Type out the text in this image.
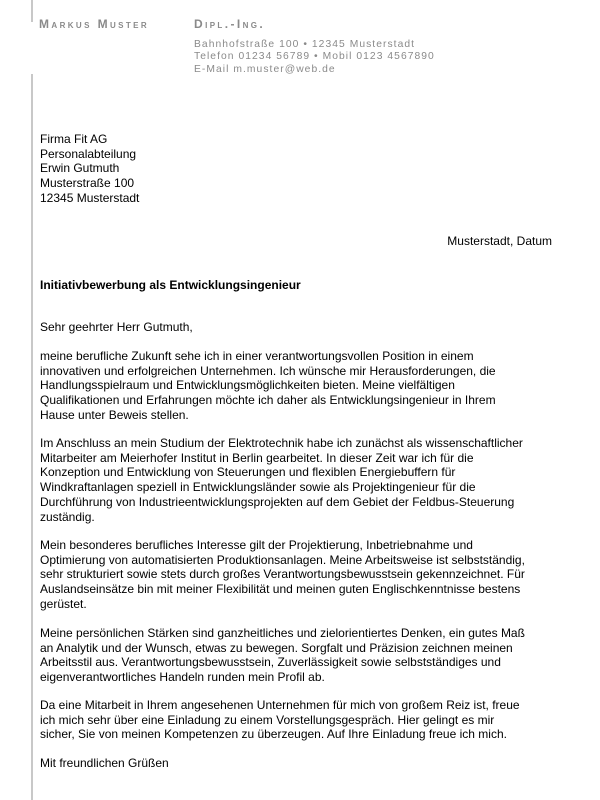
Markus Muster	Dipl.-Ing.
Bahnhofstraße 100 • 12345 Musterstadt
Telefon 01234 56789 • Mobil 0123 4567890
E-Mail m.muster@web.de
Firma Fit AG
Personalabteilung
Erwin Gutmuth
Musterstraße 100
12345 Musterstadt
Musterstadt, Datum
Initiativbewerbung als Entwicklungsingenieur
Sehr geehrter Herr Gutmuth,
meine berufliche Zukunft sehe ich in einer verantwortungsvollen Position in einem
innovativen und erfolgreichen Unternehmen. Ich wünsche mir Herausforderungen, die
Handlungsspielraum und Entwicklungsmöglichkeiten bieten. Meine vielfältigen
Qualifikationen und Erfahrungen möchte ich daher als Entwicklungsingenieur in Ihrem
Hause unter Beweis stellen.
Im Anschluss an mein Studium der Elektrotechnik habe ich zunächst als wissenschaftlicher
Mitarbeiter am Meierhofer Institut in Berlin gearbeitet. In dieser Zeit war ich für die
Konzeption und Entwicklung von Steuerungen und flexiblen Energiebuffern für
Windkraftanlagen speziell in Entwicklungsländer sowie als Projektingenieur für die
Durchführung von Industrieentwicklungsprojekten auf dem Gebiet der Feldbus-Steuerung
zuständig.
Mein besonderes berufliches Interesse gilt der Projektierung, Inbetriebnahme und
Optimierung von automatisierten Produktionsanlagen. Meine Arbeitsweise ist selbstständig,
sehr strukturiert sowie stets durch großes Verantwortungsbewusstsein gekennzeichnet. Für
Auslandseinsätze bin mit meiner Flexibilität und meinen guten Englischkenntnisse bestens
gerüstet.
Meine persönlichen Stärken sind ganzheitliches und zielorientiertes Denken, ein gutes Maß
an Analytik und der Wunsch, etwas zu bewegen. Sorgfalt und Präzision zeichnen meinen
Arbeitsstil aus. Verantwortungsbewusstsein, Zuverlässigkeit sowie selbstständiges und
eigenverantwortliches Handeln runden mein Profil ab.
Da eine Mitarbeit in Ihrem angesehenen Unternehmen für mich von großem Reiz ist, freue
ich mich sehr über eine Einladung zu einem Vorstellungsgespräch. Hier gelingt es mir
sicher, Sie von meinen Kompetenzen zu überzeugen. Auf Ihre Einladung freue ich mich.
Mit freundlichen Grüßen
